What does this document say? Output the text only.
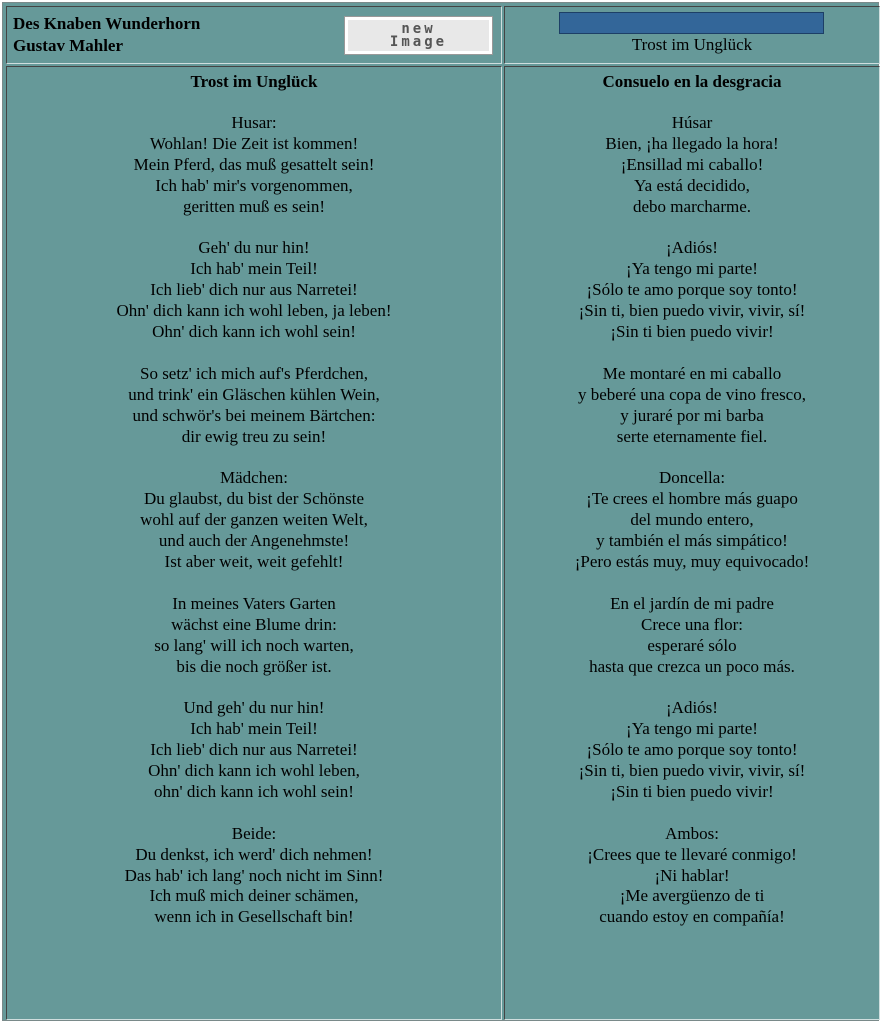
Des Knaben Wunderhorn
Gustav Mahler
new
Image	Trost im Unglück
Trost im Unglück
Husar:
Wohlan! Die Zeit ist kommen!
Mein Pferd, das muß gesattelt sein!
Ich hab' mir's vorgenommen,
geritten muß es sein!
Geh' du nur hin!
Ich hab' mein Teil!
Ich lieb' dich nur aus Narretei!
Ohn' dich kann ich wohl leben, ja leben!
Ohn' dich kann ich wohl sein!
So setz' ich mich auf's Pferdchen,
und trink' ein Gläschen kühlen Wein,
und schwör's bei meinem Bärtchen:
dir ewig treu zu sein!
Mädchen:
Du glaubst, du bist der Schönste
wohl auf der ganzen weiten Welt,
und auch der Angenehmste!
Ist aber weit, weit gefehlt!
In meines Vaters Garten
wächst eine Blume drin:
so lang' will ich noch warten,
bis die noch größer ist.
Und geh' du nur hin!
Ich hab' mein Teil!
Ich lieb' dich nur aus Narretei!
Ohn' dich kann ich wohl leben,
ohn' dich kann ich wohl sein!
Beide:
Du denkst, ich werd' dich nehmen!
Das hab' ich lang' noch nicht im Sinn!
Ich muß mich deiner schämen,
wenn ich in Gesellschaft bin!
Consuelo en la desgracia
Húsar
Bien, ¡ha llegado la hora!
¡Ensillad mi caballo!
Ya está decidido,
debo marcharme.
¡Adiós!
¡Ya tengo mi parte!
¡Sólo te amo porque soy tonto!
¡Sin ti, bien puedo vivir, vivir, sí!
¡Sin ti bien puedo vivir!
Me montaré en mi caballo
y beberé una copa de vino fresco,
y juraré por mi barba
serte eternamente fiel.
Doncella:
¡Te crees el hombre más guapo
del mundo entero,
y también el más simpático!
¡Pero estás muy, muy equivocado!
En el jardín de mi padre
Crece una flor:
esperaré sólo
hasta que crezca un poco más.
¡Adiós!
¡Ya tengo mi parte!
¡Sólo te amo porque soy tonto!
¡Sin ti, bien puedo vivir, vivir, sí!
¡Sin ti bien puedo vivir!
Ambos:
¡Crees que te llevaré conmigo!
¡Ni hablar!
¡Me avergüenzo de ti
cuando estoy en compañía!
